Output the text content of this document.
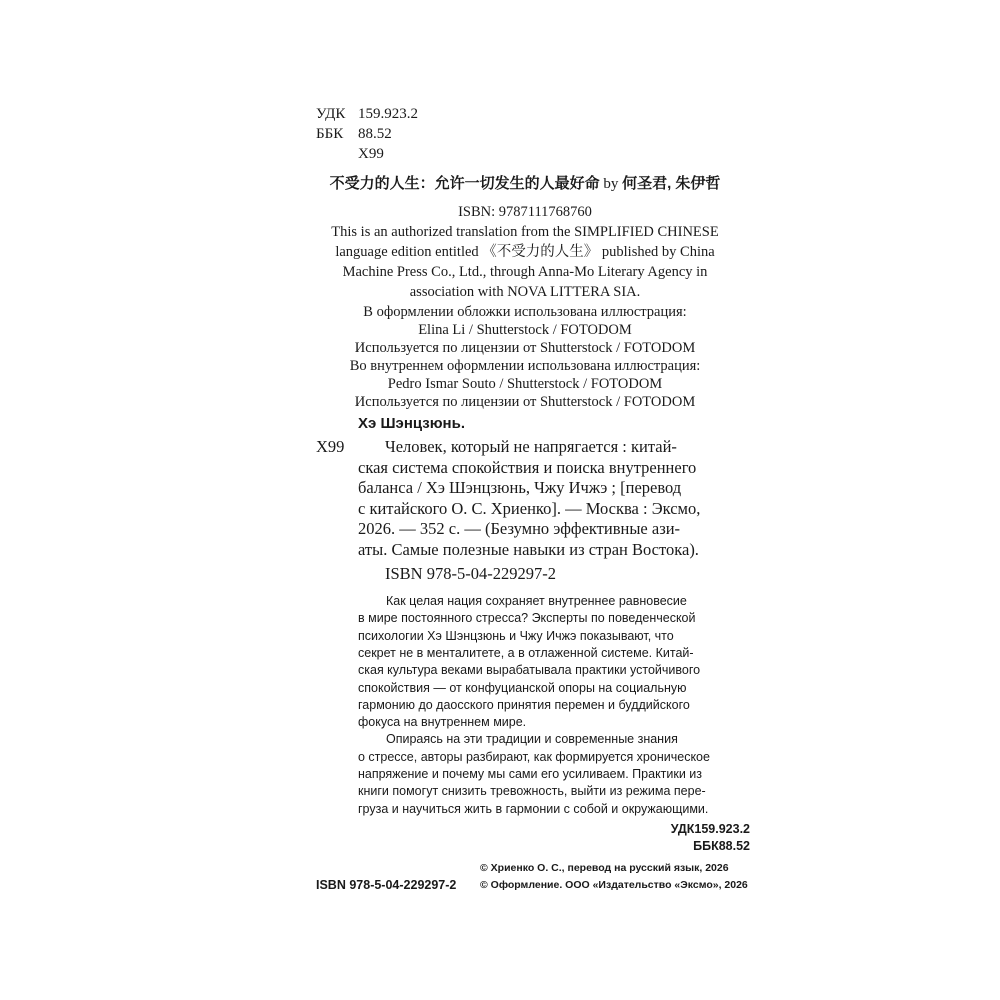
УДК 159.923.2
ББК 88.52
Х99
不受力的人生：允许一切发生的人最好命 by 何圣君, 朱伊哲
ISBN: 9787111768760
This is an authorized translation from the SIMPLIFIED CHINESE
language edition entitled 《不受力的人生》 published by China
Machine Press Co., Ltd., through Anna-Mo Literary Agency in
association with NOVA LITTERA SIA.
В оформлении обложки использована иллюстрация:
Elina Li / Shutterstock / FOTODOM
Используется по лицензии от Shutterstock / FOTODOM
Во внутреннем оформлении использована иллюстрация:
Pedro Ismar Souto / Shutterstock / FOTODOM
Используется по лицензии от Shutterstock / FOTODOM
Хэ Шэнцзюнь.
Х99 Человек, который не напрягается : китай-
ская система спокойствия и поиска внутреннего
баланса / Хэ Шэнцзюнь, Чжу Ичжэ ; [перевод
с китайского О. С. Хриенко]. — Москва : Эксмо,
2026. — 352 с. — (Безумно эффективные ази-
аты. Самые полезные навыки из стран Востока).
ISBN 978-5-04-229297-2
Как целая нация сохраняет внутреннее равновесие
в мире постоянного стресса? Эксперты по поведенческой
психологии Хэ Шэнцзюнь и Чжу Ичжэ показывают, что
секрет не в менталитете, а в отлаженной системе. Китай-
ская культура веками вырабатывала практики устойчивого
спокойствия — от конфуцианской опоры на социальную
гармонию до даосского принятия перемен и буддийского
фокуса на внутреннем мире.
Опираясь на эти традиции и современные знания
о стрессе, авторы разбирают, как формируется хроническое
напряжение и почему мы сами его усиливаем. Практики из
книги помогут снизить тревожность, выйти из режима пере-
груза и научиться жить в гармонии с собой и окружающими.
УДК159.923.2
ББК88.52
ISBN 978-5-04-229297-2
© Хриенко О. С., перевод на русский язык, 2026
© Оформление. ООО «Издательство «Эксмо», 2026
